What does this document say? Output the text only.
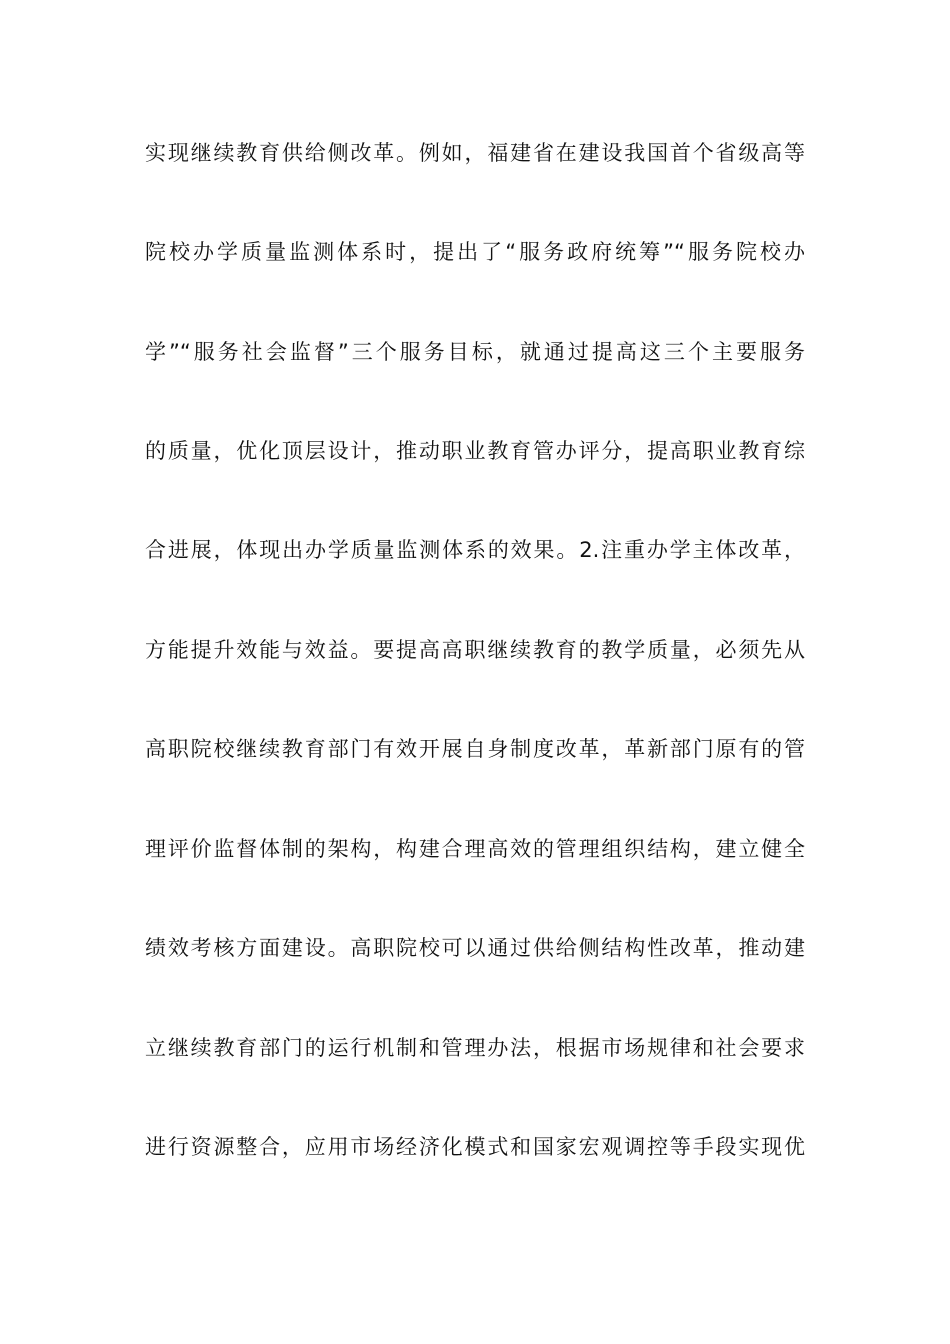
实现继续教育供给侧改革。例如，福建省在建设我国首个省级高等
院校办学质量监测体系时，提出了“服务政府统筹”“服务院校办
学”“服务社会监督”三个服务目标，就通过提高这三个主要服务
的质量，优化顶层设计，推动职业教育管办评分，提高职业教育综
合进展，体现出办学质量监测体系的效果。2.注重办学主体改革，
方能提升效能与效益。要提高高职继续教育的教学质量，必须先从
高职院校继续教育部门有效开展自身制度改革，革新部门原有的管
理评价监督体制的架构，构建合理高效的管理组织结构，建立健全
绩效考核方面建设。高职院校可以通过供给侧结构性改革，推动建
立继续教育部门的运行机制和管理办法，根据市场规律和社会要求
进行资源整合，应用市场经济化模式和国家宏观调控等手段实现优
